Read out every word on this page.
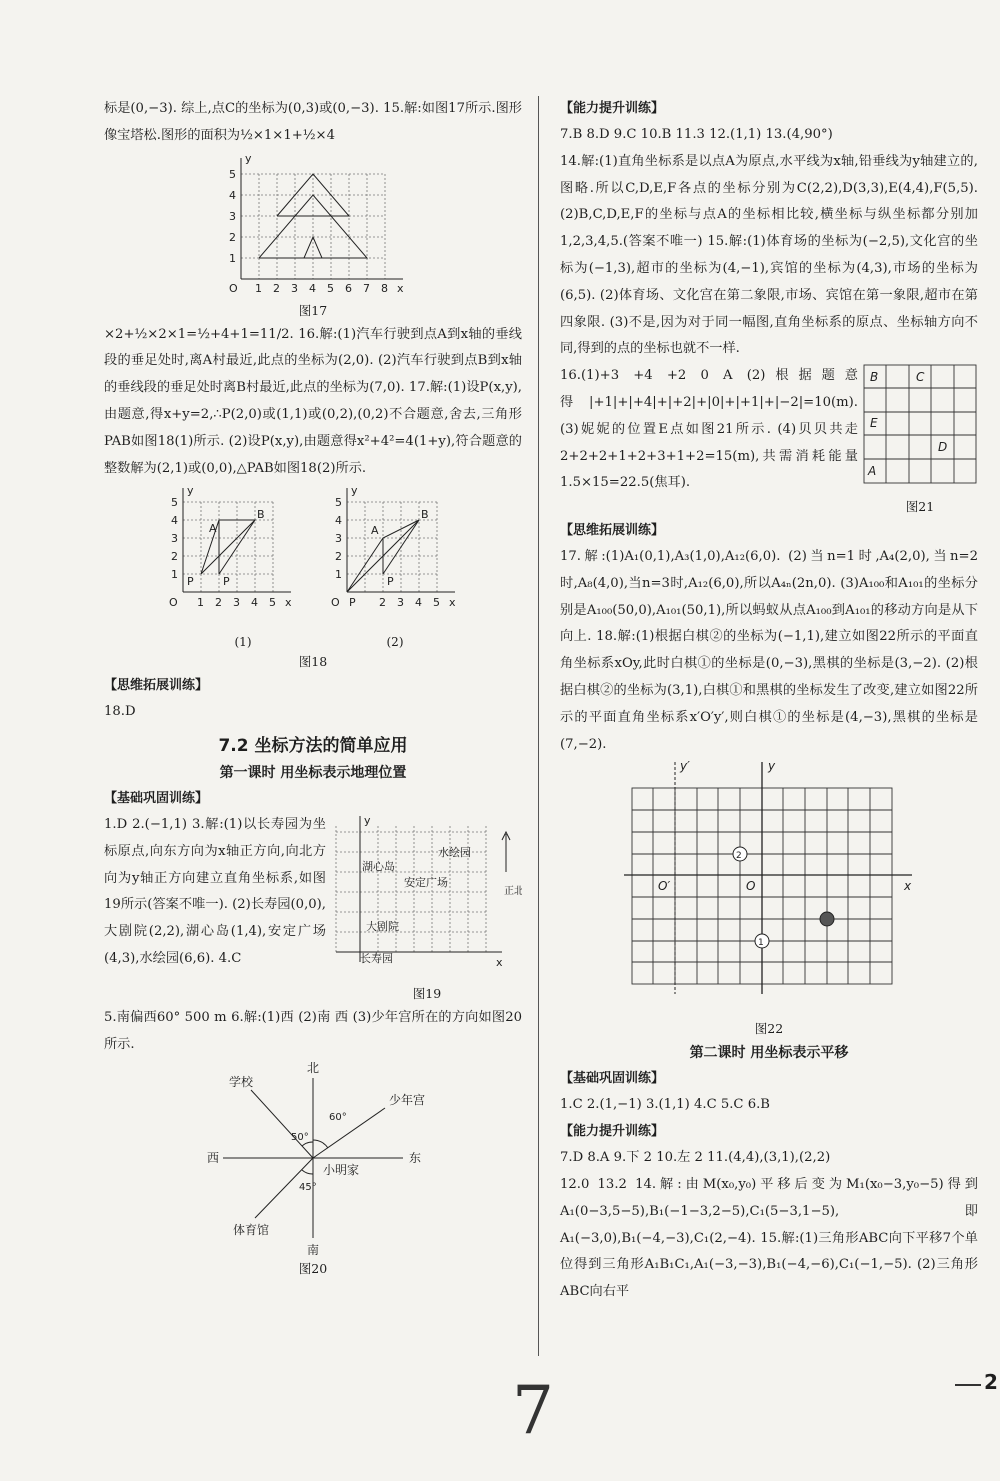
标是(0,−3). 综上,点C的坐标为(0,3)或(0,−3). 15.解:如图17所示.图形像宝塔松.图形的面积为½×1×1+½×4

y
x
O
5
4
3
2
1
1 2 3 4 5 6 7 8

图17

×2+½×2×1=½+4+1=11/2. 16.解:(1)汽车行驶到点A到x轴的垂线段的垂足处时,离A村最近,此点的坐标为(2,0). (2)汽车行驶到点B到x轴的垂线段的垂足处时离B村最近,此点的坐标为(7,0). 17.解:(1)设P(x,y),由题意,得x+y=2,∴P(2,0)或(1,1)或(0,2),(0,2)不合题意,舍去,三角形PAB如图18(1)所示. (2)设P(x,y),由题意得x²+4²=4(1+y),符合题意的整数解为(2,1)或(0,0),△PAB如图18(2)所示.

y
x
O
5
4
3
2
1
1 2 3 4 5
B
A
P	P
y
x
O
5
4
3
2
1
2 3 4 5
B
A
P
P
(1)	(2)

图18

【 思维拓展训练 】

18.D

7.2 坐标方法的简单应用

第一课时 用坐标表示地理位置

【 基础巩固训练 】

y
x
湖心岛
水绘园
安定广场
大剧院
长寿园
正北

图19

1.D 2.(−1,1) 3.解:(1)以长寿园为坐标原点,向东方向为x轴正方向,向北方向为y轴正方向建立直角坐标系,如图19所示(答案不唯一). (2)长寿园(0,0),大剧院(2,2),湖心岛(1,4),安定广场(4,3),水绘园(6,6). 4.C

5.南偏西60° 500 m 6.解:(1)西 (2)南 西 (3)少年宫所在的方向如图20所示.

北
南
西	东
学校
少年宫
小明家
体育馆
60°
50°
45°

图20

【 能力提升训练 】

7.B 8.D 9.C 10.B 11.3 12.(1,1) 13.(4,90°)

14.解:(1)直角坐标系是以点A为原点,水平线为x轴,铅垂线为y轴建立的,图略.所以C,D,E,F各点的坐标分别为C(2,2),D(3,3),E(4,4),F(5,5). (2)B,C,D,E,F的坐标与点A的坐标相比较,横坐标与纵坐标都分别加1,2,3,4,5.(答案不唯一) 15.解:(1)体育场的坐标为(−2,5),文化宫的坐标为(−1,3),超市的坐标为(4,−1),宾馆的坐标为(4,3),市场的坐标为(6,5). (2)体育场、文化宫在第二象限,市场、宾馆在第一象限,超市在第四象限. (3)不是,因为对于同一幅图,直角坐标系的原点、坐标轴方向不同,得到的点的坐标也就不一样.

B	C
E
D
A

图21

16.(1)+3 +4 +2 0 A (2)根据题意得|+1|+|+4|+|+2|+|0|+|+1|+|−2|=10(m). (3)妮妮的位置E点如图21所示. (4)贝贝共走2+2+2+1+2+3+1+2=15(m),共需消耗能量1.5×15=22.5(焦耳).

【 思维拓展训练 】

17.解:(1)A₁(0,1),A₃(1,0),A₁₂(6,0). (2)当n=1时,A₄(2,0),当n=2时,A₈(4,0),当n=3时,A₁₂(6,0),所以A₄ₙ(2n,0). (3)A₁₀₀和A₁₀₁的坐标分别是A₁₀₀(50,0),A₁₀₁(50,1),所以蚂蚁从点A₁₀₀到A₁₀₁的移动方向是从下向上. 18.解:(1)根据白棋②的坐标为(−1,1),建立如图22所示的平面直角坐标系xOy,此时白棋①的坐标是(0,−3),黑棋的坐标是(3,−2). (2)根据白棋②的坐标为(3,1),白棋①和黑棋的坐标发生了改变,建立如图22所示的平面直角坐标系x′O′y′,则白棋①的坐标是(4,−3),黑棋的坐标是(7,−2).

y′	y
x
O′	O
2
1

图22

第二课时 用坐标表示平移

【 基础巩固训练 】

1.C 2.(1,−1) 3.(1,1) 4.C 5.C 6.B

【 能力提升训练 】

7.D 8.A 9.下 2 10.左 2 11.(4,4),(3,1),(2,2)

12.0 13.2 14.解:由M(x₀,y₀)平移后变为M₁(x₀−3,y₀−5)得到A₁(0−3,5−5),B₁(−1−3,2−5),C₁(5−3,1−5),即A₁(−3,0),B₁(−4,−3),C₁(2,−4). 15.解:(1)三角形ABC向下平移7个单位得到三角形A₁B₁C₁,A₁(−3,−3),B₁(−4,−6),C₁(−1,−5). (2)三角形ABC向右平

7	2
